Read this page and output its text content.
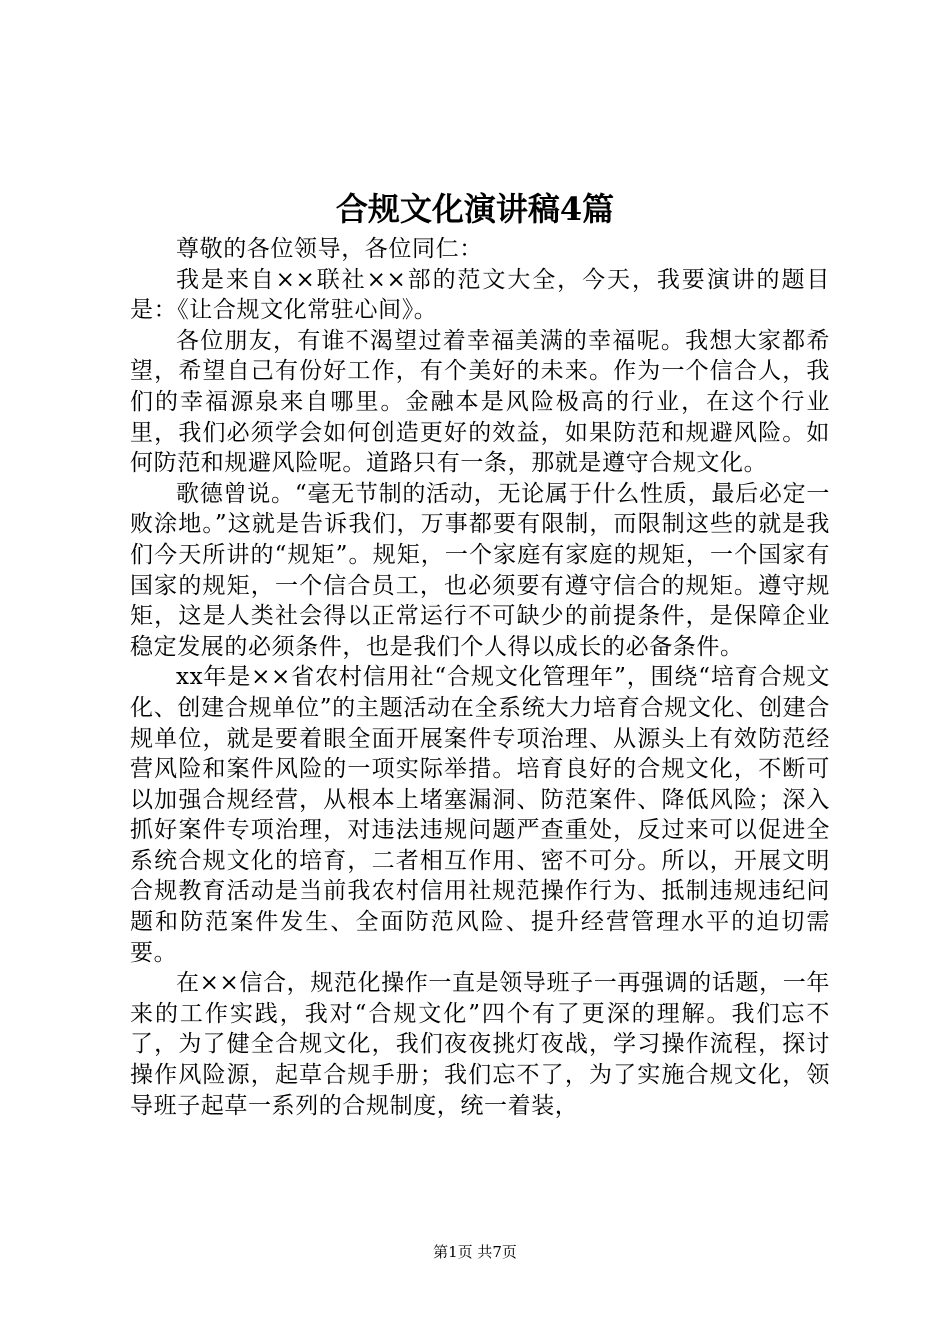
合规文化演讲稿4篇

尊敬的各位领导，各位同仁：

我是来自××联社××部的范文大全，今天，我要演讲的题目是：《让合规文化常驻心间》。

各位朋友，有谁不渴望过着幸福美满的幸福呢。我想大家都希望，希望自己有份好工作，有个美好的未来。作为一个信合人，我们的幸福源泉来自哪里。金融本是风险极高的行业，在这个行业里，我们必须学会如何创造更好的效益，如果防范和规避风险。如何防范和规避风险呢。道路只有一条，那就是遵守合规文化。

歌德曾说。“毫无节制的活动，无论属于什么性质，最后必定一败涂地。”这就是告诉我们，万事都要有限制，而限制这些的就是我们今天所讲的“规矩”。规矩，一个家庭有家庭的规矩，一个国家有国家的规矩，一个信合员工，也必须要有遵守信合的规矩。遵守规矩，这是人类社会得以正常运行不可缺少的前提条件，是保障企业稳定发展的必须条件，也是我们个人得以成长的必备条件。

xx年是××省农村信用社“合规文化管理年”，围绕“培育合规文化、创建合规单位”的主题活动在全系统大力培育合规文化、创建合规单位，就是要着眼全面开展案件专项治理、从源头上有效防范经营风险和案件风险的一项实际举措。培育良好的合规文化，不断可以加强合规经营，从根本上堵塞漏洞、防范案件、降低风险；深入抓好案件专项治理，对违法违规问题严查重处，反过来可以促进全系统合规文化的培育，二者相互作用、密不可分。所以，开展文明合规教育活动是当前我农村信用社规范操作行为、抵制违规违纪问题和防范案件发生、全面防范风险、提升经营管理水平的迫切需要。

在××信合，规范化操作一直是领导班子一再强调的话题，一年来的工作实践，我对“合规文化”四个有了更深的理解。我们忘不了，为了健全合规文化，我们夜夜挑灯夜战，学习操作流程，探讨操作风险源，起草合规手册；我们忘不了，为了实施合规文化，领导班子起草一系列的合规制度，统一着装，

第1页 共7页
